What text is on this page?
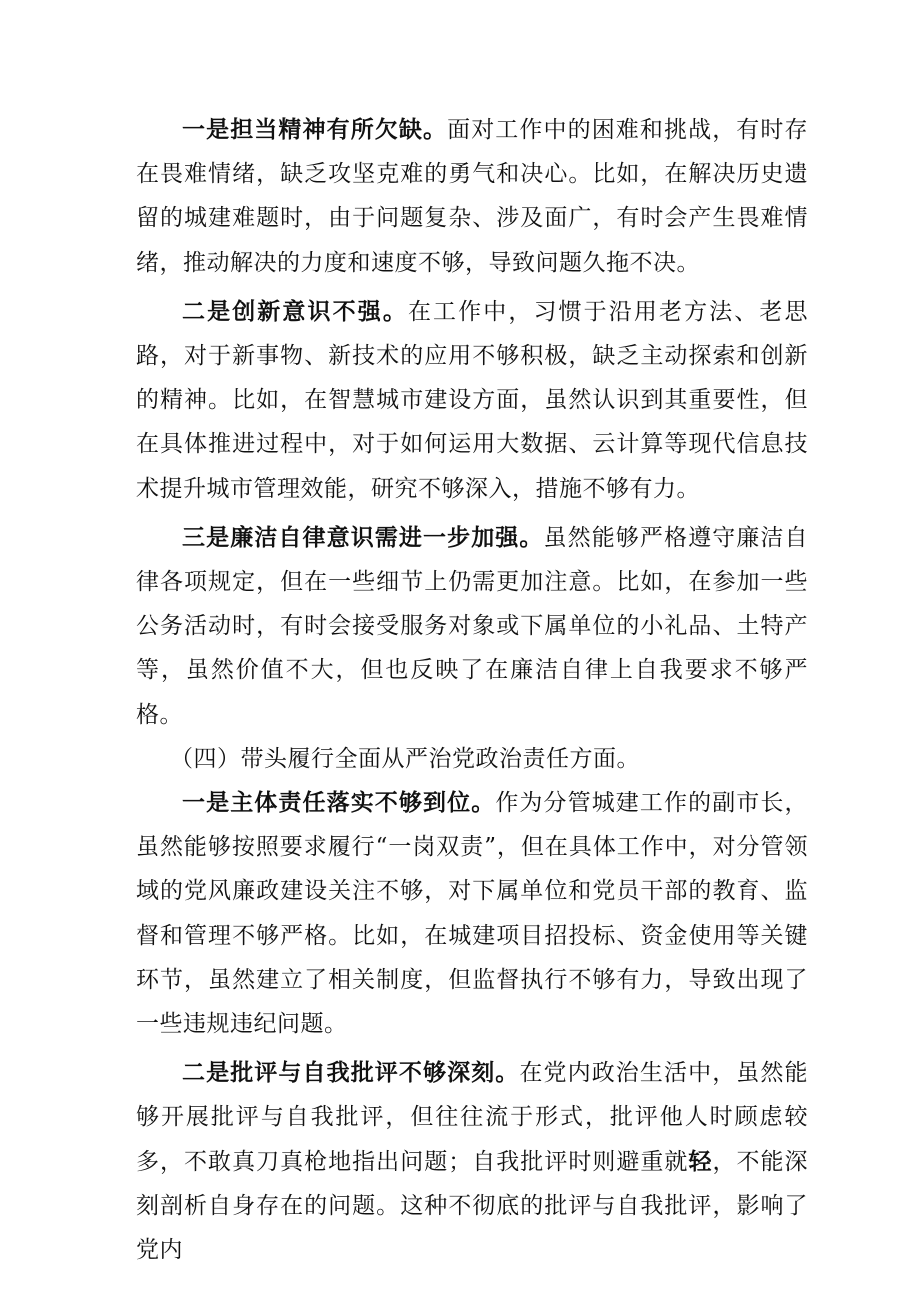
一是担当精神有所欠缺。面对工作中的困难和挑战，有时存在畏难情绪，缺乏攻坚克难的勇气和决心。比如，在解决历史遗留的城建难题时，由于问题复杂、涉及面广，有时会产生畏难情绪，推动解决的力度和速度不够，导致问题久拖不决。

二是创新意识不强。在工作中，习惯于沿用老方法、老思路，对于新事物、新技术的应用不够积极，缺乏主动探索和创新的精神。比如，在智慧城市建设方面，虽然认识到其重要性，但在具体推进过程中，对于如何运用大数据、云计算等现代信息技术提升城市管理效能，研究不够深入，措施不够有力。

三是廉洁自律意识需进一步加强。虽然能够严格遵守廉洁自律各项规定，但在一些细节上仍需更加注意。比如，在参加一些公务活动时，有时会接受服务对象或下属单位的小礼品、土特产等，虽然价值不大，但也反映了在廉洁自律上自我要求不够严格。

（四）带头履行全面从严治党政治责任方面。

一是主体责任落实不够到位。作为分管城建工作的副市长，虽然能够按照要求履行“一岗双责”，但在具体工作中，对分管领域的党风廉政建设关注不够，对下属单位和党员干部的教育、监督和管理不够严格。比如，在城建项目招投标、资金使用等关键环节，虽然建立了相关制度，但监督执行不够有力，导致出现了一些违规违纪问题。

二是批评与自我批评不够深刻。在党内政治生活中，虽然能够开展批评与自我批评，但往往流于形式，批评他人时顾虑较多，不敢真刀真枪地指出问题；自我批评时则避重就轻，不能深刻剖析自身存在的问题。这种不彻底的批评与自我批评，影响了党内
